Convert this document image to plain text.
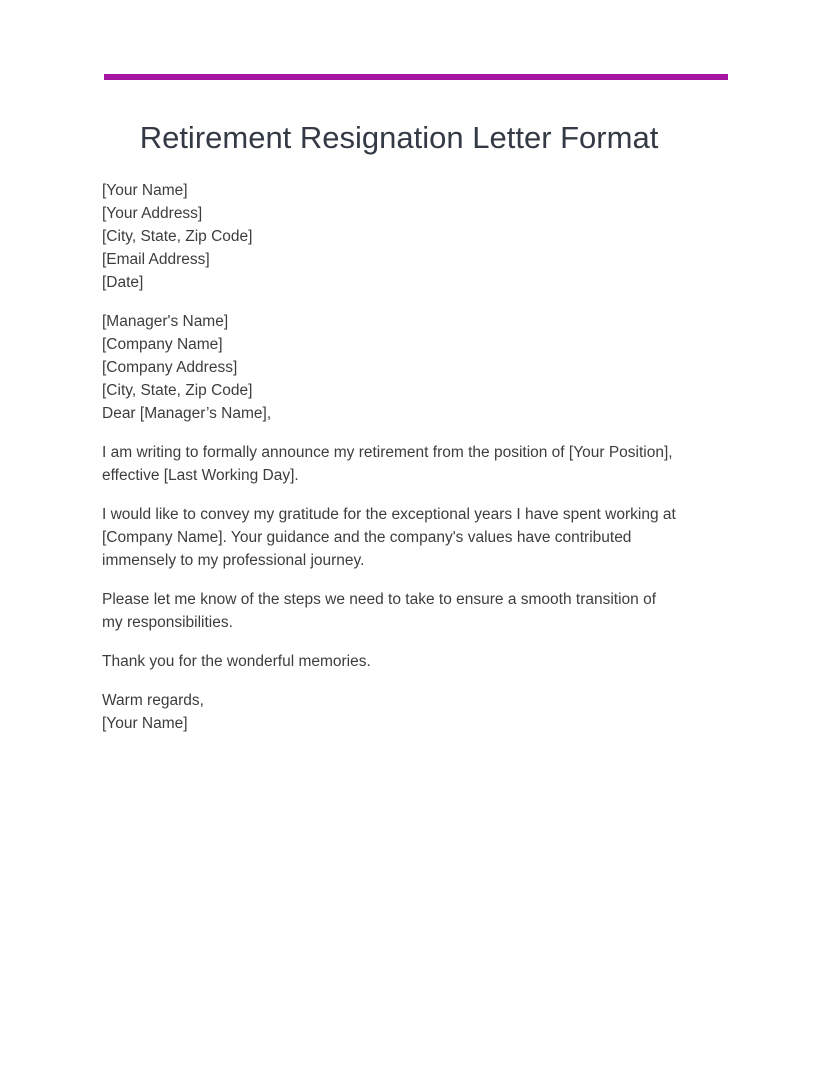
Retirement Resignation Letter Format
[Your Name]
[Your Address]
[City, State, Zip Code]
[Email Address]
[Date]
[Manager's Name]
[Company Name]
[Company Address]
[City, State, Zip Code]
Dear [Manager’s Name],
I am writing to formally announce my retirement from the position of [Your Position],
effective [Last Working Day].
I would like to convey my gratitude for the exceptional years I have spent working at
[Company Name]. Your guidance and the company's values have contributed
immensely to my professional journey.
Please let me know of the steps we need to take to ensure a smooth transition of
my responsibilities.
Thank you for the wonderful memories.
Warm regards,
[Your Name]
